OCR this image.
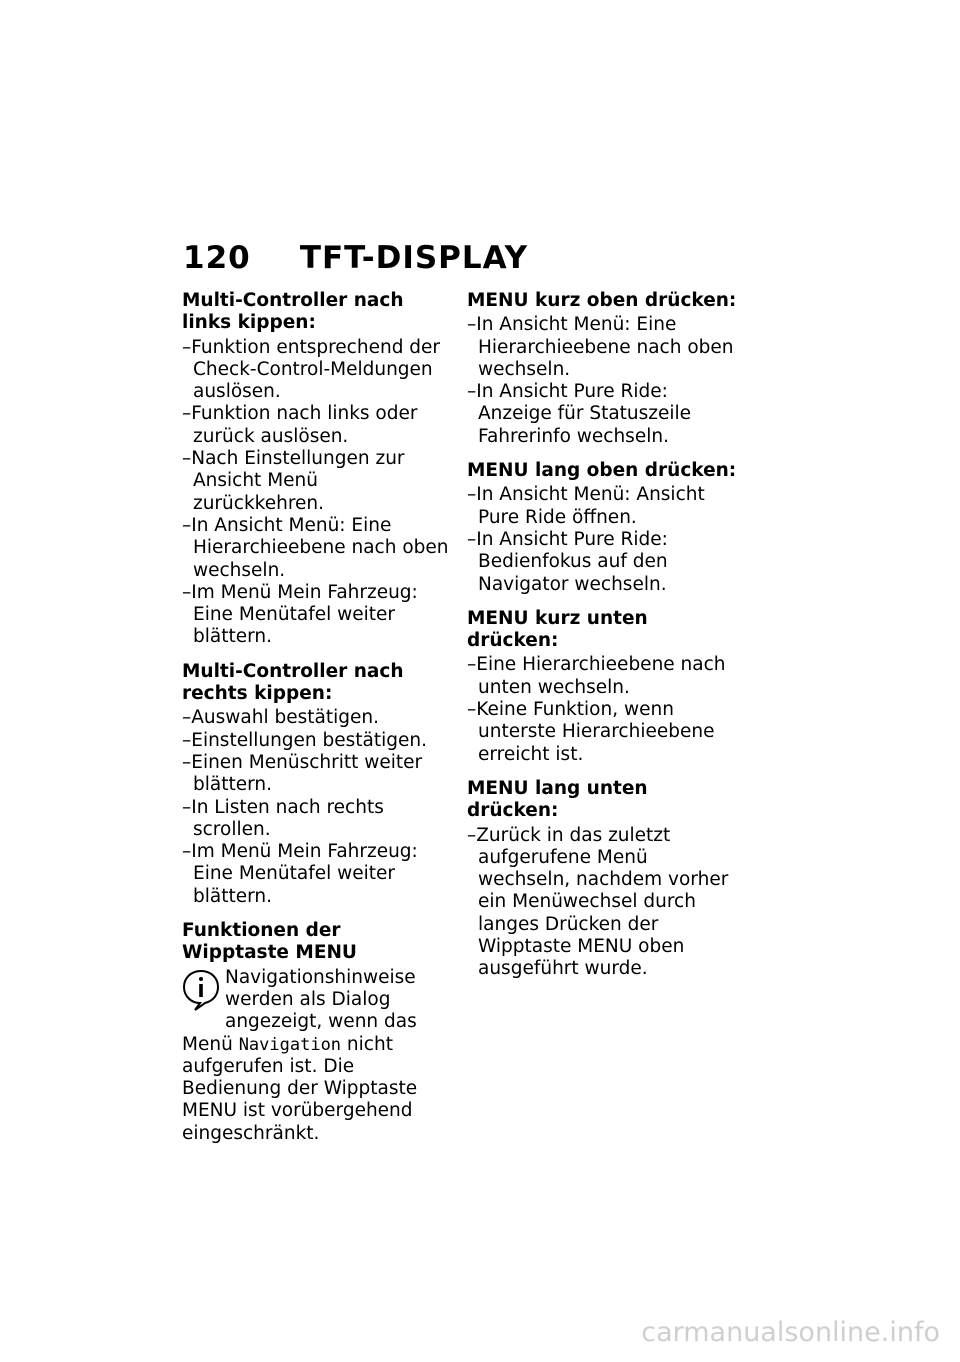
120 TFT-DISPLAY
Multi-Controller nach links kippen:
–Funktion entsprechend der Check-Control-Meldungen auslösen.
–Funktion nach links oder zurück auslösen.
–Nach Einstellungen zur Ansicht Menü zurückkehren.
–In Ansicht Menü: Eine Hierarchieebene nach oben wechseln.
–Im Menü Mein Fahrzeug: Eine Menütafel weiter blättern.
Multi-Controller nach rechts kippen:
–Auswahl bestätigen.
–Einstellungen bestätigen.
–Einen Menüschritt weiter blättern.
–In Listen nach rechts scrollen.
–Im Menü Mein Fahrzeug: Eine Menütafel weiter blättern.
Funktionen der Wipptaste MENU
Navigationshinweise werden als Dialog angezeigt, wenn das Menü Navigation nicht aufgerufen ist. Die Bedienung der Wipptaste MENU ist vorübergehend eingeschränkt.
MENU kurz oben drücken:
–In Ansicht Menü: Eine Hierarchieebene nach oben wechseln.
–In Ansicht Pure Ride: Anzeige für Statuszeile Fahrerinfo wechseln.
MENU lang oben drücken:
–In Ansicht Menü: Ansicht Pure Ride öffnen.
–In Ansicht Pure Ride: Bedienfokus auf den Navigator wechseln.
MENU kurz unten drücken:
–Eine Hierarchieebene nach unten wechseln.
–Keine Funktion, wenn unterste Hierarchieebene erreicht ist.
MENU lang unten drücken:
–Zurück in das zuletzt aufgerufene Menü wechseln, nachdem vorher ein Menüwechsel durch langes Drücken der Wipptaste MENU oben ausgeführt wurde.
carmanualsonline.info
